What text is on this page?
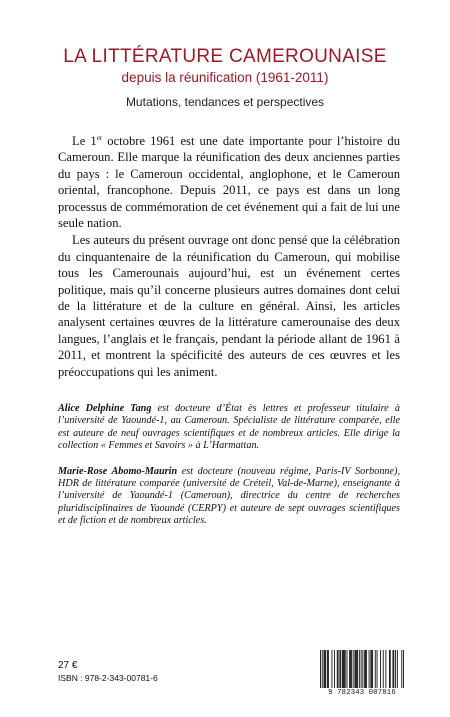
LA LITTÉRATURE CAMEROUNAISE
depuis la réunification (1961-2011)
Mutations, tendances et perspectives

Le 1er octobre 1961 est une date importante pour l’histoire du Cameroun. Elle marque la réunification des deux anciennes parties du pays : le Cameroun occidental, anglophone, et le Cameroun oriental, francophone. Depuis 2011, ce pays est dans un long processus de commémoration de cet événement qui a fait de lui une seule nation.

Les auteurs du présent ouvrage ont donc pensé que la célébration du cinquantenaire de la réunification du Cameroun, qui mobilise tous les Camerounais aujourd’hui, est un événement certes politique, mais qu’il concerne plusieurs autres domaines dont celui de la littérature et de la culture en général. Ainsi, les articles analysent certaines œuvres de la littérature camerounaise des deux langues, l’anglais et le français, pendant la période allant de 1961 à 2011, et montrent la spécificité des auteurs de ces œuvres et les préoccupations qui les animent.

Alice Delphine Tang est docteure d’État ès lettres et professeur titulaire à l’université de Yaoundé-1, au Cameroun. Spécialiste de littérature comparée, elle est auteure de neuf ouvrages scientifiques et de nombreux articles. Elle dirige la collection « Femmes et Savoirs » à L’Harmattan.

Marie-Rose Abomo-Maurin est docteure (nouveau régime, Paris-IV Sorbonne), HDR de littérature comparée (université de Créteil, Val-de-Marne), enseignante à l’université de Yaoundé-1 (Cameroun), directrice du centre de recherches pluridisciplinaires de Yaoundé (CERPY) et auteure de sept ouvrages scientifiques et de fiction et de nombreux articles.

27 €
ISBN : 978-2-343-00781-6
9 782343 007816
